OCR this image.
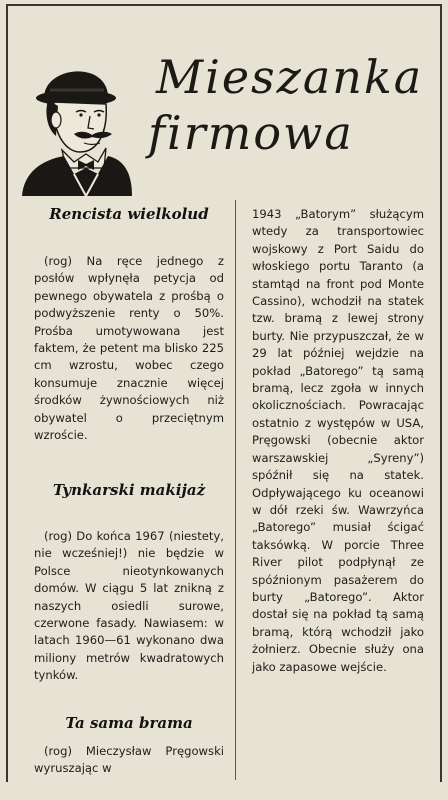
Mieszanka
firmowa
Rencista wielkolud

(rog) Na ręce jednego z posłów wpłynęła petycja od pewnego obywatela z prośbą o podwyższenie renty o 50%. Prośba umotywowana jest faktem, że petent ma blisko 225 cm wzrostu, wobec czego konsumuje znacznie więcej środków żywnościowych niż obywatel o przeciętnym wzroście.

Tynkarski makijaż

(rog) Do końca 1967 (niestety, nie wcześniej!) nie będzie w Polsce nieotynkowanych domów. W ciągu 5 lat znikną z naszych osiedli surowe, czerwone fasady. Nawiasem: w latach 1960—61 wykonano dwa miliony metrów kwadratowych tynków.

Ta sama brama

(rog) Mieczysław Pręgowski wyruszając w

1943 „Batorym” służącym wtedy za transportowiec wojskowy z Port Saidu do włoskiego portu Taranto (a stamtąd na front pod Monte Cassino), wchodził na statek tzw. bramą z lewej strony burty. Nie przypuszczał, że w 29 lat później wejdzie na pokład „Batorego” tą samą bramą, lecz zgoła w innych okolicznościach. Powracając ostatnio z występów w USA, Pręgowski (obecnie aktor warszawskiej „Syreny”) spóźnił się na statek. Odpływającego ku oceanowi w dół rzeki św. Wawrzyńca „Batorego” musiał ścigać taksówką. W porcie Three River pilot podpłynął ze spóźnionym pasażerem do burty „Batorego”. Aktor dostał się na pokład tą samą bramą, którą wchodził jako żołnierz. Obecnie służy ona jako zapasowe wejście.
